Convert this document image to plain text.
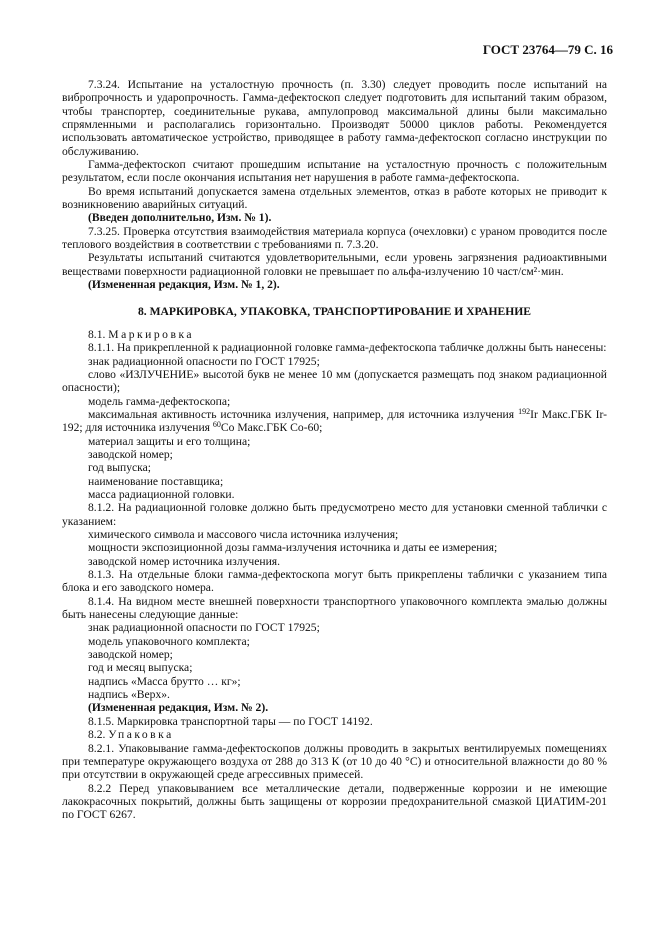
ГОСТ 23764—79 С. 16

7.3.24. Испытание на усталостную прочность (п. 3.30) следует проводить после испытаний на вибропрочность и ударопрочность. Гамма-дефектоскоп следует подготовить для испытаний таким образом, чтобы транспортер, соединительные рукава, ампулопровод максимальной длины были максимально спрямленными и располагались горизонтально. Производят 50000 циклов работы. Рекомендуется использовать автоматическое устройство, приводящее в работу гамма-дефектоскоп согласно инструкции по обслуживанию.

Гамма-дефектоскоп считают прошедшим испытание на усталостную прочность с положительным результатом, если после окончания испытания нет нарушения в работе гамма-дефектоскопа.

Во время испытаний допускается замена отдельных элементов, отказ в работе которых не приводит к возникновению аварийных ситуаций.

(Введен дополнительно, Изм. № 1).

7.3.25. Проверка отсутствия взаимодействия материала корпуса (очехловки) с ураном проводится после теплового воздействия в соответствии с требованиями п. 7.3.20.

Результаты испытаний считаются удовлетворительными, если уровень загрязнения радиоактивными веществами поверхности радиационной головки не превышает по альфа-излучению 10 част/см²·мин.

(Измененная редакция, Изм. № 1, 2).

8. МАРКИРОВКА, УПАКОВКА, ТРАНСПОРТИРОВАНИЕ И ХРАНЕНИЕ

8.1. Маркировка

8.1.1. На прикрепленной к радиационной головке гамма-дефектоскопа табличке должны быть нанесены:

знак радиационной опасности по ГОСТ 17925;

слово «ИЗЛУЧЕНИЕ» высотой букв не менее 10 мм (допускается размещать под знаком радиационной опасности);

модель гамма-дефектоскопа;

максимальная активность источника излучения, например, для источника излучения $^{192}$Ir Макс.ГБК Ir-192; для источника излучения $^{60}$Co Макс.ГБК Co-60;

материал защиты и его толщина;

заводской номер;

год выпуска;

наименование поставщика;

масса радиационной головки.

8.1.2. На радиационной головке должно быть предусмотрено место для установки сменной таблички с указанием:

химического символа и массового числа источника излучения;

мощности экспозиционной дозы гамма-излучения источника и даты ее измерения;

заводской номер источника излучения.

8.1.3. На отдельные блоки гамма-дефектоскопа могут быть прикреплены таблички с указанием типа блока и его заводского номера.

8.1.4. На видном месте внешней поверхности транспортного упаковочного комплекта эмалью должны быть нанесены следующие данные:

знак радиационной опасности по ГОСТ 17925;

модель упаковочного комплекта;

заводской номер;

год и месяц выпуска;

надпись «Масса брутто … кг»;

надпись «Верх».

(Измененная редакция, Изм. № 2).

8.1.5. Маркировка транспортной тары — по ГОСТ 14192.

8.2. Упаковка

8.2.1. Упаковывание гамма-дефектоскопов должны проводить в закрытых вентилируемых помещениях при температуре окружающего воздуха от 288 до 313 К (от 10 до 40 °С) и относительной влажности до 80 % при отсутствии в окружающей среде агрессивных примесей.

8.2.2 Перед упаковыванием все металлические детали, подверженные коррозии и не имеющие лакокрасочных покрытий, должны быть защищены от коррозии предохранительной смазкой ЦИАТИМ-201 по ГОСТ 6267.
